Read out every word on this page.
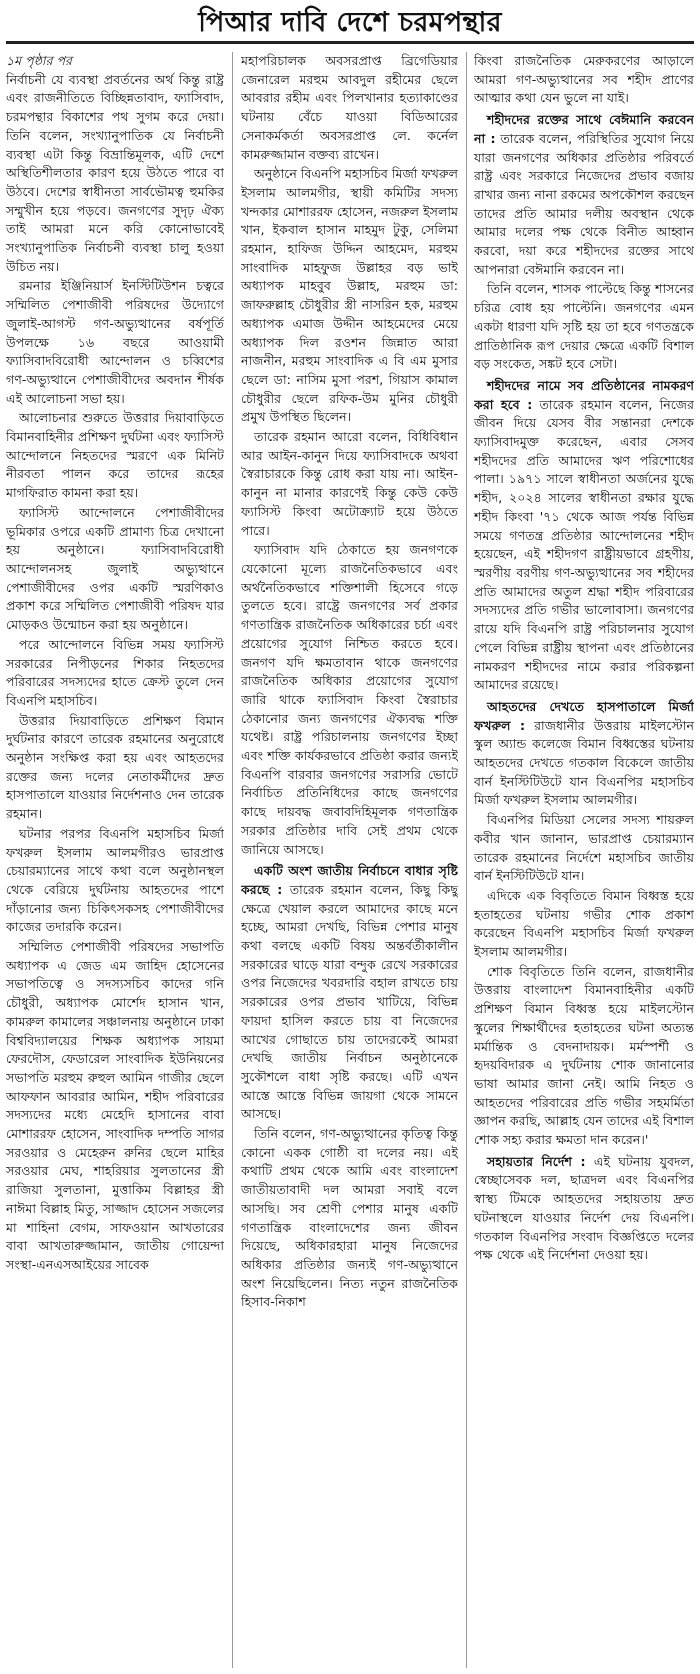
পিআর দাবি দেশে চরমপন্থার
১ম পৃষ্ঠার পর

নির্বাচনী যে ব্যবস্থা প্রবর্তনের অর্থ কিন্তু রাষ্ট্র এবং রাজনীতিতে বিচ্ছিন্নতাবাদ, ফ্যাসিবাদ, চরমপন্থার বিকাশের পথ সুগম করে দেয়া। তিনি বলেন, সংখ্যানুপাতিক যে নির্বাচনী ব্যবস্থা এটা কিন্তু বিভ্রান্তিমূলক, এটি দেশে অস্থিতিশীলতার কারণ হয়ে উঠতে পারে বা উঠবে। দেশের স্বাধীনতা সার্বভৌমত্ব হুমকির সম্মুখীন হয়ে পড়বে। জনগণের সুদৃঢ় ঐক্য তাই আমরা মনে করি কোনোভাবেই সংখ্যানুপাতিক নির্বাচনী ব্যবস্থা চালু হওয়া উচিত নয়।

রমনার ইঞ্জিনিয়ার্স ইনস্টিটিউশন চত্বরে সম্মিলিত পেশাজীবী পরিষদের উদ্যোগে জুলাই-আগস্ট গণ-অভ্যুত্থানের বর্ষপূর্তি উপলক্ষে ১৬ বছরে আওয়ামী ফ্যাসিবাদবিরোধী আন্দোলন ও চব্বিশের গণ-অভ্যুত্থানে পেশাজীবীদের অবদান শীর্ষক এই আলোচনা সভা হয়।

আলোচনার শুরুতে উত্তরার দিয়াবাড়িতে বিমানবাহিনীর প্রশিক্ষণ দুর্ঘটনা এবং ফ্যাসিস্ট আন্দোলনে নিহতদের স্মরণে এক মিনিট নীরবতা পালন করে তাদের রূহের মাগফিরাত কামনা করা হয়।

ফ্যাসিস্ট আন্দোলনে পেশাজীবীদের ভূমিকার ওপরে একটি প্রামাণ্য চিত্র দেখানো হয় অনুষ্ঠানে। ফ্যাসিবাদবিরোধী আন্দোলনসহ জুলাই অভ্যুত্থানে পেশাজীবীদের ওপর একটি স্মরণিকাও প্রকাশ করে সম্মিলিত পেশাজীবী পরিষদ যার মোড়কও উন্মোচন করা হয় অনুষ্ঠানে।

পরে আন্দোলনে বিভিন্ন সময় ফ্যাসিস্ট সরকারের নিপীড়নের শিকার নিহতদের পরিবারের সদস্যদের হাতে ক্রেস্ট তুলে দেন বিএনপি মহাসচিব।

উত্তরার দিয়াবাড়িতে প্রশিক্ষণ বিমান দুর্ঘটনার কারণে তারেক রহমানের অনুরোধে অনুষ্ঠান সংক্ষিপ্ত করা হয় এবং আহতদের রক্তের জন্য দলের নেতাকর্মীদের দ্রুত হাসপাতালে যাওয়ার নির্দেশনাও দেন তারেক রহমান।

ঘটনার পরপর বিএনপি মহাসচিব মির্জা ফখরুল ইসলাম আলমগীরও ভারপ্রাপ্ত চেয়ারম্যানের সাথে কথা বলে অনুষ্ঠানস্থল থেকে বেরিয়ে দুর্ঘটনায় আহতদের পাশে দাঁড়ানোর জন্য চিকিৎসকসহ পেশাজীবীদের কাজের তদারকি করেন।

সম্মিলিত পেশাজীবী পরিষদের সভাপতি অধ্যাপক এ জেড এম জাহিদ হোসেনের সভাপতিত্বে ও সদস্যসচিব কাদের গনি চৌধুরী, অধ্যাপক মোর্শেদ হাসান খান, কামরুল কামালের সঞ্চালনায় অনুষ্ঠানে ঢাকা বিশ্ববিদ্যালয়ের শিক্ষক অধ্যাপক সায়মা ফেরদৌস, ফেডারেল সাংবাদিক ইউনিয়নের সভাপতি মরহুম রুহুল আমিন গাজীর ছেলে আফফান আবরার আমিন, শহীদ পরিবারের সদস্যদের মধ্যে মেহেদি হাসানের বাবা মোশাররফ হোসেন, সাংবাদিক দম্পতি সাগর সরওয়ার ও মেহেরুন রুনির ছেলে মাহির সরওয়ার মেঘ, শাহরিয়ার সুলতানের স্ত্রী রাজিয়া সুলতানা, মুত্তাকিম বিল্লাহর স্ত্রী নাঈমা বিল্লাহ মিতু, সাজ্জাদ হোসেন সজলের মা শাহিনা বেগম, সাফওয়ান আখতারের বাবা আখতারুজ্জামান, জাতীয় গোয়েন্দা সংস্থা-এনএসআইয়ের সাবেক

মহাপরিচালক অবসরপ্রাপ্ত ব্রিগেডিয়ার জেনারেল মরহুম আবদুল রহীমের ছেলে আবরার রহীম এবং পিলখানার হত্যাকাণ্ডের ঘটনায় বেঁচে যাওয়া বিডিআরের সেনাকর্মকর্তা অবসরপ্রাপ্ত লে. কর্নেল কামরুজ্জামান বক্তব্য রাখেন।

অনুষ্ঠানে বিএনপি মহাসচিব মির্জা ফখরুল ইসলাম আলমগীর, স্থায়ী কমিটির সদস্য খন্দকার মোশাররফ হোসেন, নজরুল ইসলাম খান, ইকবাল হাসান মাহমুদ টুকু, সেলিমা রহমান, হাফিজ উদ্দিন আহমেদ, মরহুম সাংবাদিক মাহফুজ উল্লাহর বড় ভাই অধ্যাপক মাহবুব উল্লাহ, মরহুম ডা: জাফরুল্লাহ চৌধুরীর স্ত্রী নাসরিন হক, মরহুম অধ্যাপক এমাজ উদ্দীন আহমেদের মেয়ে অধ্যাপক দিল রওশন জিন্নাত আরা নাজনীন, মরহুম সাংবাদিক এ বি এম মুসার ছেলে ডা: নাসিম মুসা পরশ, গিয়াস কামাল চৌধুরীর ছেলে রফিক-উম মুনির চৌধুরী প্রমুখ উপস্থিত ছিলেন।

তারেক রহমান আরো বলেন, বিধিবিধান আর আইন-কানুন দিয়ে ফ্যাসিবাদকে অথবা স্বৈরাচারকে কিন্তু রোধ করা যায় না। আইন-কানুন না মানার কারণেই কিন্তু কেউ কেউ ফ্যাসিস্ট কিংবা অটোক্র্যাট হয়ে উঠতে পারে।

ফ্যাসিবাদ যদি ঠেকাতে হয় জনগণকে যেকোনো মূল্যে রাজনৈতিকভাবে এবং অর্থনৈতিকভাবে শক্তিশালী হিসেবে গড়ে তুলতে হবে। রাষ্ট্রে জনগণের সর্ব প্রকার গণতান্ত্রিক রাজনৈতিক অধিকারের চর্চা এবং প্রয়োগের সুযোগ নিশ্চিত করতে হবে। জনগণ যদি ক্ষমতাবান থাকে জনগণের রাজনৈতিক অধিকার প্রয়োগের সুযোগ জারি থাকে ফ্যাসিবাদ কিংবা স্বৈরাচার ঠেকানোর জন্য জনগণের ঐক্যবদ্ধ শক্তি যথেষ্ট। রাষ্ট্র পরিচালনায় জনগণের ইচ্ছা এবং শক্তি কার্যকরভাবে প্রতিষ্ঠা করার জন্যই বিএনপি বারবার জনগণের সরাসরি ভোটে নির্বাচিত প্রতিনিধিদের কাছে জনগণের কাছে দায়বদ্ধ জবাবদিহিমূলক গণতান্ত্রিক সরকার প্রতিষ্ঠার দাবি সেই প্রথম থেকে জানিয়ে আসছে।

একটি অংশ জাতীয় নির্বাচনে বাধার সৃষ্টি করছে : তারেক রহমান বলেন, কিছু কিছু ক্ষেত্রে খেয়াল করলে আমাদের কাছে মনে হচ্ছে, আমরা দেখছি, বিভিন্ন পেশার মানুষ কথা বলছে একটি বিষয় অন্তর্বর্তীকালীন সরকারের ঘাড়ে যারা বন্দুক রেখে সরকারের ওপর নিজেদের খবরদারি বহাল রাখতে চায় সরকারের ওপর প্রভাব খাটিয়ে, বিভিন্ন ফায়দা হাসিল করতে চায় বা নিজেদের আখের গোছাতে চায় তাদেরকেই আমরা দেখছি জাতীয় নির্বাচন অনুষ্ঠানেকে সুকৌশলে বাধা সৃষ্টি করছে। এটি এখন আস্তে আস্তে বিভিন্ন জায়গা থেকে সামনে আসছে।

তিনি বলেন, গণ-অভ্যুত্থানের কৃতিত্ব কিন্তু কোনো একক গোষ্ঠী বা দলের নয়। এই কথাটি প্রথম থেকে আমি এবং বাংলাদেশ জাতীয়তাবাদী দল আমরা সবাই বলে আসছি। সব শ্রেণী পেশার মানুষ একটি গণতান্ত্রিক বাংলাদেশের জন্য জীবন দিয়েছে, অধিকারহারা মানুষ নিজেদের অধিকার প্রতিষ্ঠার জন্যই গণ-অভ্যুত্থানে অংশ নিয়েছিলেন। নিত্য নতুন রাজনৈতিক হিসাব-নিকাশ

কিংবা রাজনৈতিক মেরুকরণের আড়ালে আমরা গণ-অভ্যুত্থানের সব শহীদ প্রাণের আত্মার কথা যেন ভুলে না যাই।

শহীদদের রক্তের সাথে বেঈমানি করবেন না : তারেক বলেন, পরিস্থিতির সুযোগ নিয়ে যারা জনগণের অধিকার প্রতিষ্ঠার পরিবর্তে রাষ্ট্র এবং সরকারে নিজেদের প্রভাব বজায় রাখার জন্য নানা রকমের অপকৌশল করছেন তাদের প্রতি আমার দলীয় অবস্থান থেকে আমার দলের পক্ষ থেকে বিনীত আহ্বান করবো, দয়া করে শহীদদের রক্তের সাথে আপনারা বেঈমানি করবেন না।

তিনি বলেন, শাসক পাল্টেছে কিন্তু শাসনের চরিত্র বোধ হয় পাল্টেনি। জনগণের এমন একটা ধারণা যদি সৃষ্টি হয় তা হবে গণতন্ত্রকে প্রাতিষ্ঠানিক রূপ দেয়ার ক্ষেত্রে একটি বিশাল বড় সংকেত, সঙ্কট হবে সেটা।

শহীদদের নামে সব প্রতিষ্ঠানের নামকরণ করা হবে : তারেক রহমান বলেন, নিজের জীবন দিয়ে যেসব বীর সন্তানরা দেশকে ফ্যাসিবাদমুক্ত করেছেন, এবার সেসব শহীদদের প্রতি আমাদের ঋণ পরিশোধের পালা। ১৯৭১ সালে স্বাধীনতা অর্জনের যুদ্ধে শহীদ, ২০২৪ সালের স্বাধীনতা রক্ষার যুদ্ধে শহীদ কিংবা '৭১ থেকে আজ পর্যন্ত বিভিন্ন সময়ে গণতন্ত্র প্রতিষ্ঠার আন্দোলনের শহীদ হয়েছেন, এই শহীদগণ রাষ্ট্রীয়ভাবে গ্রহণীয়, স্মরণীয় বরণীয় গণ-অভ্যুত্থানের সব শহীদের প্রতি আমাদের অতুল শ্রদ্ধা শহীদ পরিবারের সদস্যদের প্রতি গভীর ভালোবাসা। জনগণের রায়ে যদি বিএনপি রাষ্ট্র পরিচালনার সুযোগ পেলে বিভিন্ন রাষ্ট্রীয় স্থাপনা এবং প্রতিষ্ঠানের নামকরণ শহীদদের নামে করার পরিকল্পনা আমাদের রয়েছে।

আহতদের দেখতে হাসপাতালে মির্জা ফখরুল : রাজধানীর উত্তরায় মাইলস্টোন স্কুল অ্যান্ড কলেজে বিমান বিধ্বস্তের ঘটনায় আহতদের দেখতে গতকাল বিকেলে জাতীয় বার্ন ইনস্টিটিউটে যান বিএনপির মহাসচিব মির্জা ফখরুল ইসলাম আলমগীর।

বিএনপির মিডিয়া সেলের সদস্য শায়রুল কবীর খান জানান, ভারপ্রাপ্ত চেয়ারম্যান তারেক রহমানের নির্দেশে মহাসচিব জাতীয় বার্ন ইনস্টিটিউটে যান।

এদিকে এক বিবৃতিতে বিমান বিধ্বস্ত হয়ে হতাহতের ঘটনায় গভীর শোক প্রকাশ করেছেন বিএনপি মহাসচিব মির্জা ফখরুল ইসলাম আলমগীর।

শোক বিবৃতিতে তিনি বলেন, রাজধানীর উত্তরায় বাংলাদেশ বিমানবাহিনীর একটি প্রশিক্ষণ বিমান বিধ্বস্ত হয়ে মাইলস্টোন স্কুলের শিক্ষার্থীদের হতাহতের ঘটনা অত্যন্ত মর্মান্তিক ও বেদনাদায়ক। মর্মস্পর্শী ও হৃদয়বিদারক এ দুর্ঘটনায় শোক জানানোর ভাষা আমার জানা নেই। আমি নিহত ও আহতদের পরিবারের প্রতি গভীর সহমর্মিতা জ্ঞাপন করছি, আল্লাহ যেন তাদের এই বিশাল শোক সহ্য করার ক্ষমতা দান করেন।'

সহায়তার নির্দেশ : এই ঘটনায় যুবদল, স্বেচ্ছাসেবক দল, ছাত্রদল এবং বিএনপির স্বাস্থ্য টিমকে আহতদের সহায়তায় দ্রুত ঘটনাস্থলে যাওয়ার নির্দেশ দেয় বিএনপি। গতকাল বিএনপির সংবাদ বিজ্ঞপ্তিতে দলের পক্ষ থেকে এই নির্দেশনা দেওয়া হয়।
